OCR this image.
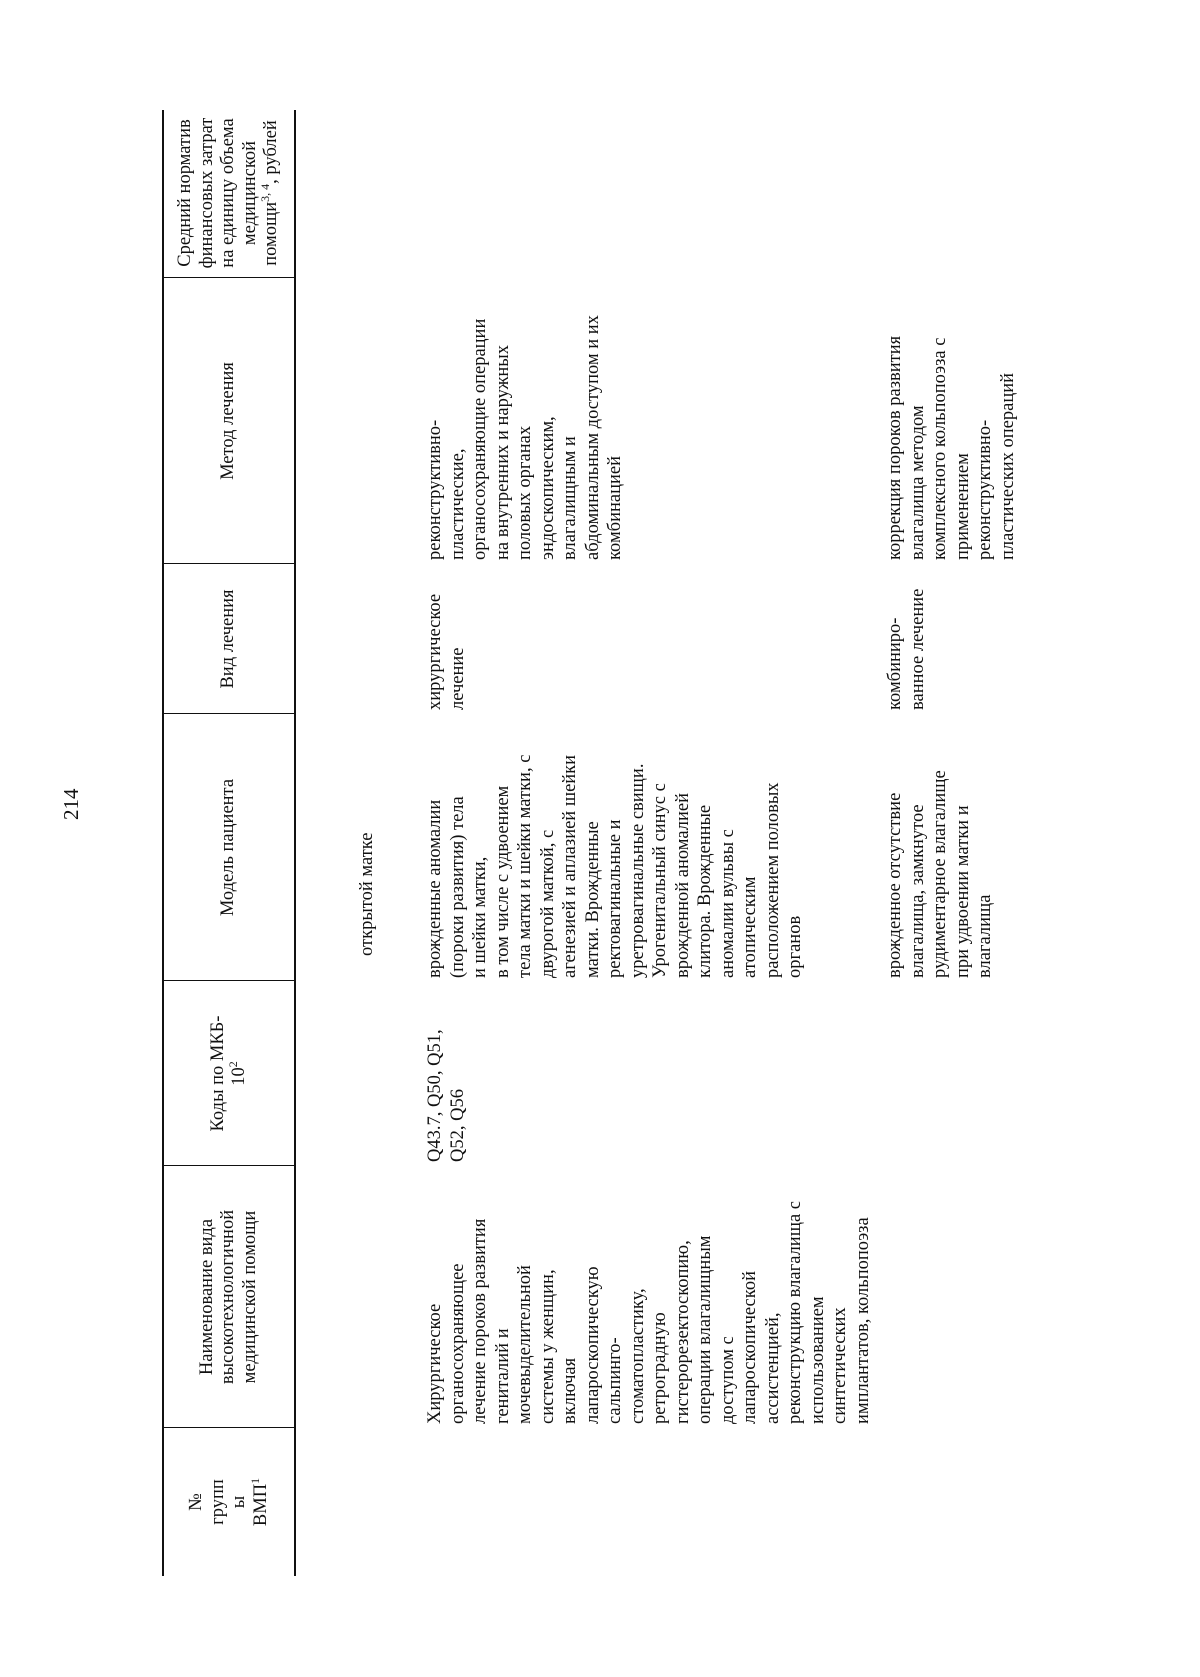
214
№
групп
ы
ВМП$^1$
Наименование вида
высокотехнологичной
медицинской помощи
Коды по МКБ-
$10^2$
Модель пациента
Вид лечения
Метод лечения
Средний норматив
финансовых затрат
на единицу объема
медицинской
помощи$^{3, 4}$, рублей
открытой матке
Хирургическое
органосохраняющее
лечение пороков развития
гениталий и
мочевыделительной
системы у женщин,
включая
лапароскопическую
сальпинго-
стоматопластику,
ретроградную
гистерорезектоскопию,
операции влагалищным
доступом с
лапароскопической
ассистенцией,
реконструкцию влагалища с
использованием
синтетических
имплантатов, кольпопоэза
Q43.7, Q50, Q51,
Q52, Q56
врожденные аномалии
(пороки развития) тела
и шейки матки,
в том числе с удвоением
тела матки и шейки матки, с
двурогой маткой, с
агенезией и аплазией шейки
матки. Врожденные
ректовагинальные и
уретровагинальные свищи.
Урогенитальный синус с
врожденной аномалией
клитора. Врожденные
аномалии вульвы с
атопическим
расположением половых
органов
хирургическое
лечение
реконструктивно-
пластические,
органосохраняющие операции
на внутренних и наружных
половых органах
эндоскопическим,
влагалищным и
абдоминальным доступом и их
комбинацией
врожденное отсутствие
влагалища, замкнутое
рудиментарное влагалище
при удвоении матки и
влагалища
комбиниро-
ванное лечение
коррекция пороков развития
влагалища методом
комплексного кольпопоэза с
применением
реконструктивно-
пластических операций
